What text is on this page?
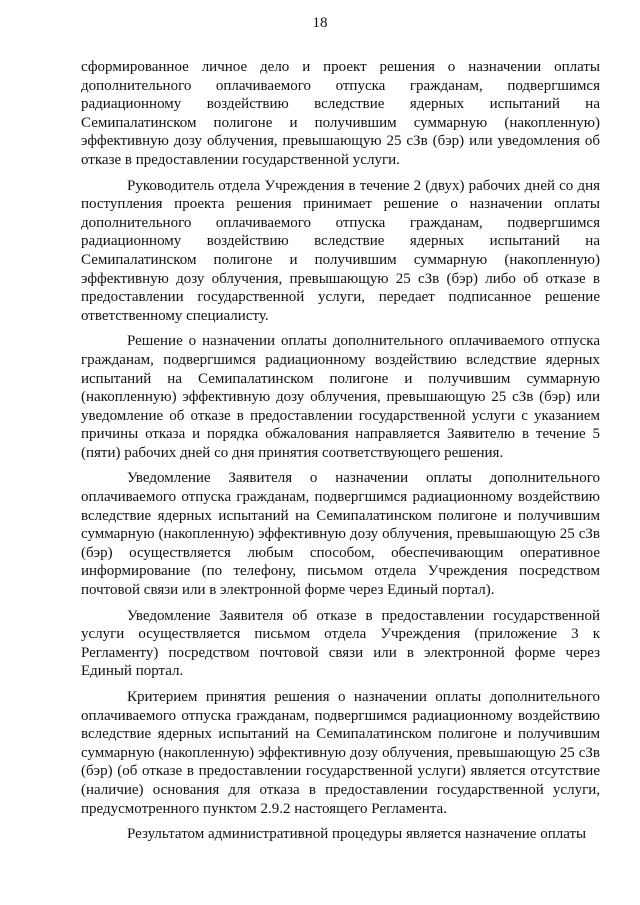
18

сформированное личное дело и проект решения о назначении оплаты дополнительного оплачиваемого отпуска гражданам, подвергшимся радиационному воздействию вследствие ядерных испытаний на Семипалатинском полигоне и получившим суммарную (накопленную) эффективную дозу облучения, превышающую 25 сЗв (бэр) или уведомления об отказе в предоставлении государственной услуги.

Руководитель отдела Учреждения в течение 2 (двух) рабочих дней со дня поступления проекта решения принимает решение о назначении оплаты дополнительного оплачиваемого отпуска гражданам, подвергшимся радиационному воздействию вследствие ядерных испытаний на Семипалатинском полигоне и получившим суммарную (накопленную) эффективную дозу облучения, превышающую 25 сЗв (бэр) либо об отказе в предоставлении государственной услуги, передает подписанное решение ответственному специалисту.

Решение о назначении оплаты дополнительного оплачиваемого отпуска гражданам, подвергшимся радиационному воздействию вследствие ядерных испытаний на Семипалатинском полигоне и получившим суммарную (накопленную) эффективную дозу облучения, превышающую 25 сЗв (бэр) или уведомление об отказе в предоставлении государственной услуги с указанием причины отказа и порядка обжалования направляется Заявителю в течение 5 (пяти) рабочих дней со дня принятия соответствующего решения.

Уведомление Заявителя о назначении оплаты дополнительного оплачиваемого отпуска гражданам, подвергшимся радиационному воздействию вследствие ядерных испытаний на Семипалатинском полигоне и получившим суммарную (накопленную) эффективную дозу облучения, превышающую 25 сЗв (бэр) осуществляется любым способом, обеспечивающим оперативное информирование (по телефону, письмом отдела Учреждения посредством почтовой связи или в электронной форме через Единый портал).

Уведомление Заявителя об отказе в предоставлении государственной услуги осуществляется письмом отдела Учреждения (приложение 3 к Регламенту) посредством почтовой связи или в электронной форме через Единый портал.

Критерием принятия решения о назначении оплаты дополнительного оплачиваемого отпуска гражданам, подвергшимся радиационному воздействию вследствие ядерных испытаний на Семипалатинском полигоне и получившим суммарную (накопленную) эффективную дозу облучения, превышающую 25 сЗв (бэр) (об отказе в предоставлении государственной услуги) является отсутствие (наличие) основания для отказа в предоставлении государственной услуги, предусмотренного пунктом 2.9.2 настоящего Регламента.

Результатом административной процедуры является назначение оплаты
